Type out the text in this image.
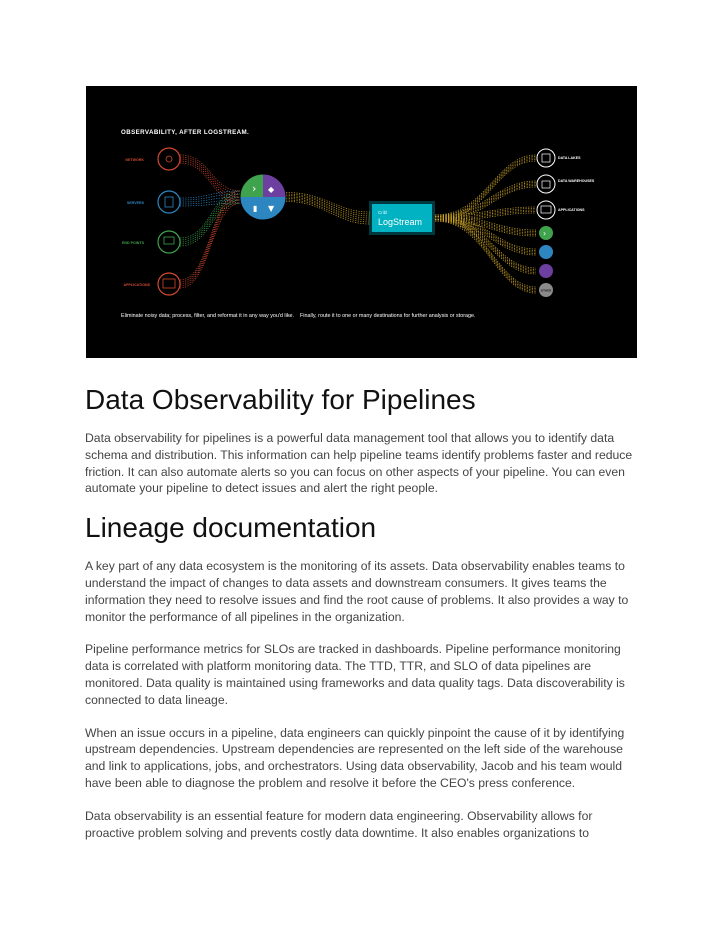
OBSERVABILITY, AFTER LOGSTREAM.
NETWORK
SERVERS
END POINTS
APPLICATIONS
› ◆
▮ ▼	Cribl
LogStream
DATA LAKES
DATA WAREHOUSES
APPLICATIONS
›
OTHER
Eliminate noisy data; process, filter, and reformat it in any way you'd like.    Finally, route it to one or many destinations for further analysis or storage.
Data Observability for Pipelines

Data observability for pipelines is a powerful data management tool that allows you to identify data schema and distribution. This information can help pipeline teams identify problems faster and reduce friction. It can also automate alerts so you can focus on other aspects of your pipeline. You can even automate your pipeline to detect issues and alert the right people.

Lineage documentation

A key part of any data ecosystem is the monitoring of its assets. Data observability enables teams to understand the impact of changes to data assets and downstream consumers. It gives teams the information they need to resolve issues and find the root cause of problems. It also provides a way to monitor the performance of all pipelines in the organization.

Pipeline performance metrics for SLOs are tracked in dashboards. Pipeline performance monitoring data is correlated with platform monitoring data. The TTD, TTR, and SLO of data pipelines are monitored. Data quality is maintained using frameworks and data quality tags. Data discoverability is connected to data lineage.

When an issue occurs in a pipeline, data engineers can quickly pinpoint the cause of it by identifying upstream dependencies. Upstream dependencies are represented on the left side of the warehouse and link to applications, jobs, and orchestrators. Using data observability, Jacob and his team would have been able to diagnose the problem and resolve it before the CEO's press conference.

Data observability is an essential feature for modern data engineering. Observability allows for proactive problem solving and prevents costly data downtime. It also enables organizations to
